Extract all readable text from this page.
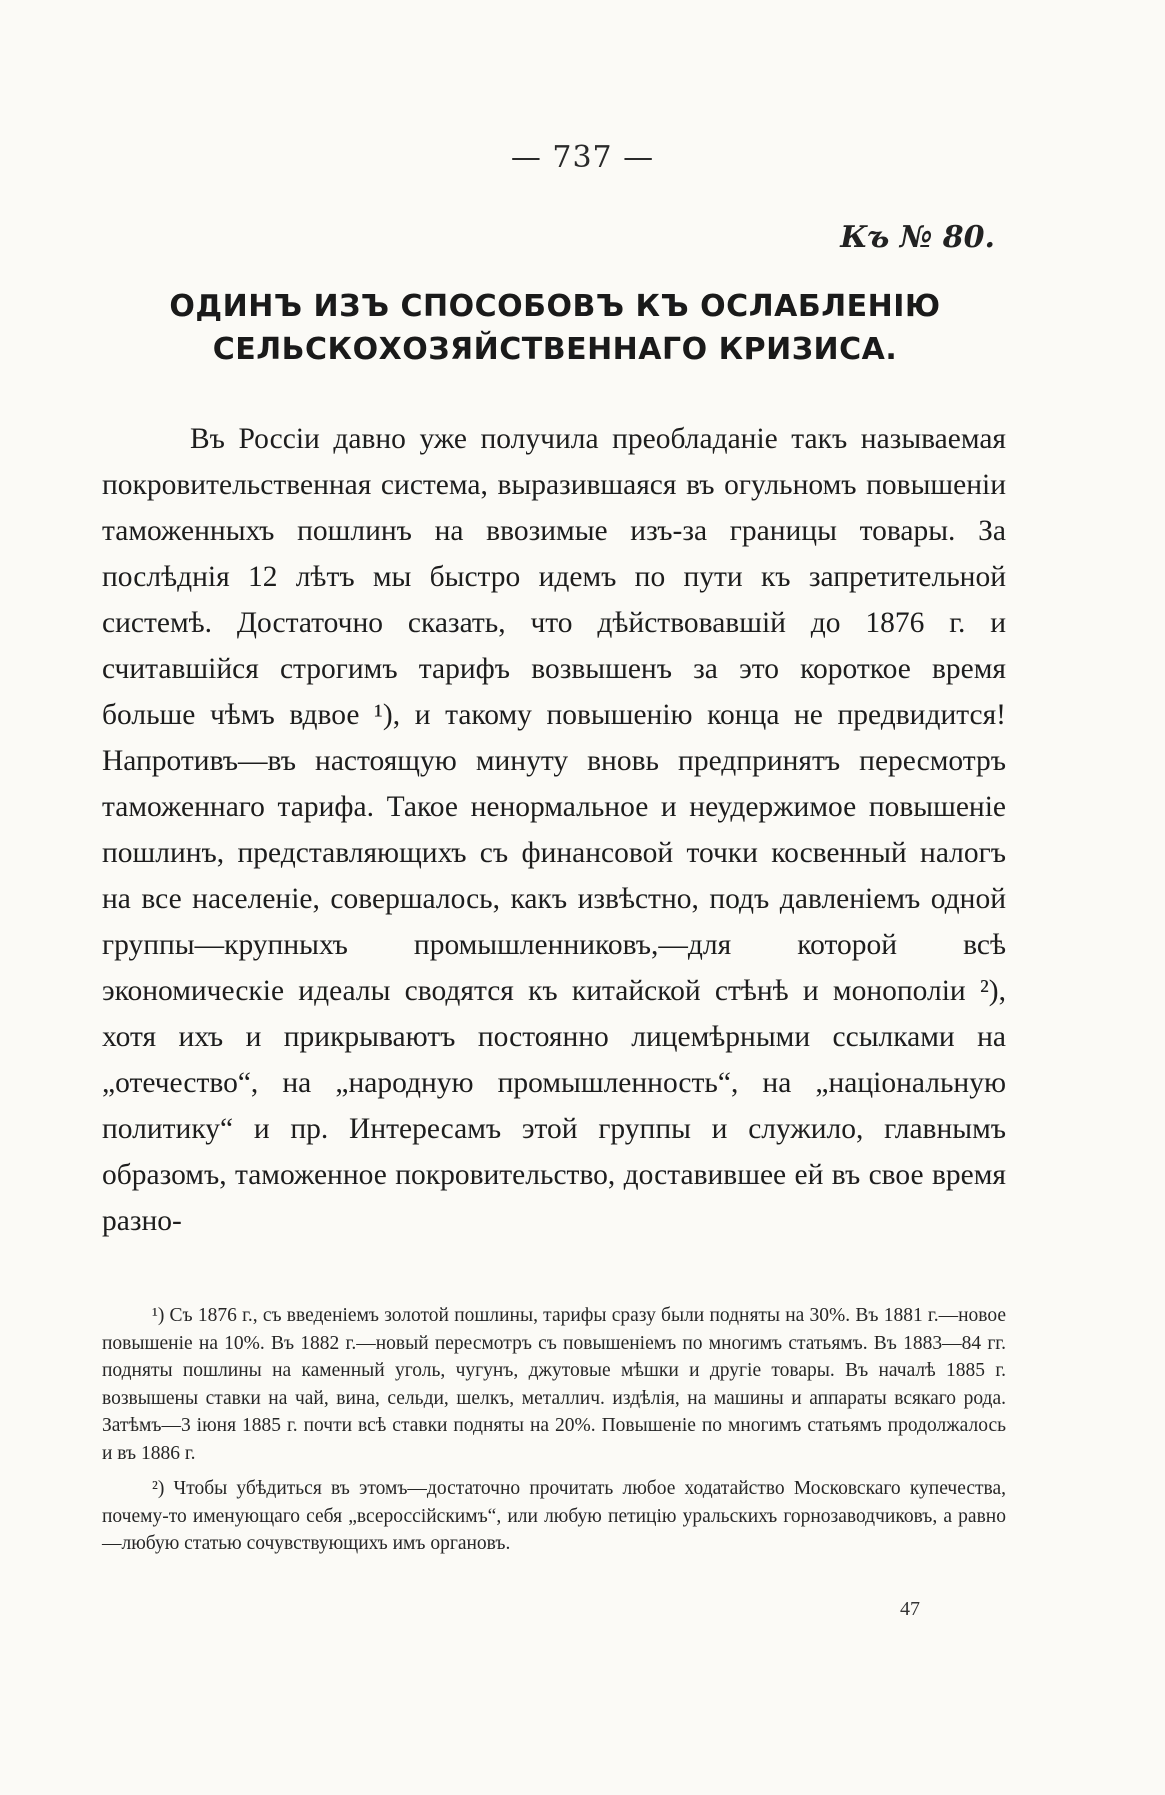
— 737 —
Къ № 80.
ОДИНЪ ИЗЪ СПОСОБОВЪ КЪ ОСЛАБЛЕНІЮ СЕЛЬСКОХОЗЯЙСТВЕННАГО КРИЗИСА.

Въ Россіи давно уже получила преобладаніе такъ называемая покровительственная система, выразившаяся въ огульномъ повышеніи таможенныхъ пошлинъ на ввозимые изъ-за границы товары. За послѣднія 12 лѣтъ мы быстро идемъ по пути къ запретительной системѣ. Достаточно сказать, что дѣйствовавшій до 1876 г. и считавшійся строгимъ тарифъ возвышенъ за это короткое время больше чѣмъ вдвое ¹), и такому повышенію конца не предвидится! Напротивъ—въ настоящую минуту вновь предпринятъ пересмотръ таможеннаго тарифа. Такое ненормальное и неудержимое повышеніе пошлинъ, представляющихъ съ финансовой точки косвенный налогъ на все населеніе, совершалось, какъ извѣстно, подъ давленіемъ одной группы—крупныхъ промышленниковъ,—для которой всѣ экономическіе идеалы сводятся къ китайской стѣнѣ и монополіи ²), хотя ихъ и прикрываютъ постоянно лицемѣрными ссылками на „отечество“, на „народную промышленность“, на „національную политику“ и пр. Интересамъ этой группы и служило, главнымъ образомъ, таможенное покровительство, доставившее ей въ свое время разно-

¹) Съ 1876 г., съ введеніемъ золотой пошлины, тарифы сразу были подняты на 30%. Въ 1881 г.—новое повышеніе на 10%. Въ 1882 г.—новый пересмотръ съ повышеніемъ по многимъ статьямъ. Въ 1883—84 гг. подняты пошлины на каменный уголь, чугунъ, джутовые мѣшки и другіе товары. Въ началѣ 1885 г. возвышены ставки на чай, вина, сельди, шелкъ, металлич. издѣлія, на машины и аппараты всякаго рода. Затѣмъ—3 іюня 1885 г. почти всѣ ставки подняты на 20%. Повышеніе по многимъ статьямъ продолжалось и въ 1886 г.

²) Чтобы убѣдиться въ этомъ—достаточно прочитать любое ходатайство Московскаго купечества, почему-то именующаго себя „всероссійскимъ“, или любую петицію уральскихъ горнозаводчиковъ, а равно—любую статью сочувствующихъ имъ органовъ.

47
